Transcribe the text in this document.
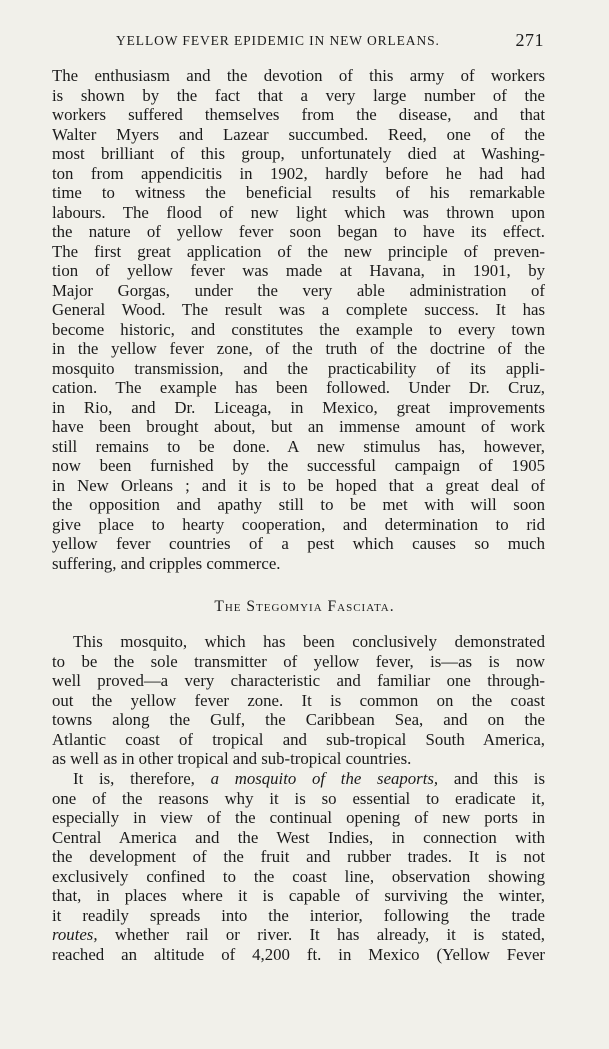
YELLOW FEVER EPIDEMIC IN NEW ORLEANS.	271
The enthusiasm and the devotion of this army of workers
is shown by the fact that a very large number of the
workers suffered themselves from the disease, and that
Walter Myers and Lazear succumbed. Reed, one of the
most brilliant of this group, unfortunately died at Washing-
ton from appendicitis in 1902, hardly before he had had
time to witness the beneficial results of his remarkable
labours. The flood of new light which was thrown upon
the nature of yellow fever soon began to have its effect.
The first great application of the new principle of preven-
tion of yellow fever was made at Havana, in 1901, by
Major Gorgas, under the very able administration of
General Wood. The result was a complete success. It has
become historic, and constitutes the example to every town
in the yellow fever zone, of the truth of the doctrine of the
mosquito transmission, and the practicability of its appli-
cation. The example has been followed. Under Dr. Cruz,
in Rio, and Dr. Liceaga, in Mexico, great improvements
have been brought about, but an immense amount of work
still remains to be done. A new stimulus has, however,
now been furnished by the successful campaign of 1905
in New Orleans ; and it is to be hoped that a great deal of
the opposition and apathy still to be met with will soon
give place to hearty cooperation, and determination to rid
yellow fever countries of a pest which causes so much
suffering, and cripples commerce.
The Stegomyia Fasciata.
This mosquito, which has been conclusively demonstrated
to be the sole transmitter of yellow fever, is—as is now
well proved—a very characteristic and familiar one through-
out the yellow fever zone. It is common on the coast
towns along the Gulf, the Caribbean Sea, and on the
Atlantic coast of tropical and sub-tropical South America,
as well as in other tropical and sub-tropical countries.
It is, therefore, a mosquito of the seaports, and this is
one of the reasons why it is so essential to eradicate it,
especially in view of the continual opening of new ports in
Central America and the West Indies, in connection with
the development of the fruit and rubber trades. It is not
exclusively confined to the coast line, observation showing
that, in places where it is capable of surviving the winter,
it readily spreads into the interior, following the trade
routes, whether rail or river. It has already, it is stated,
reached an altitude of 4,200 ft. in Mexico (Yellow Fever
